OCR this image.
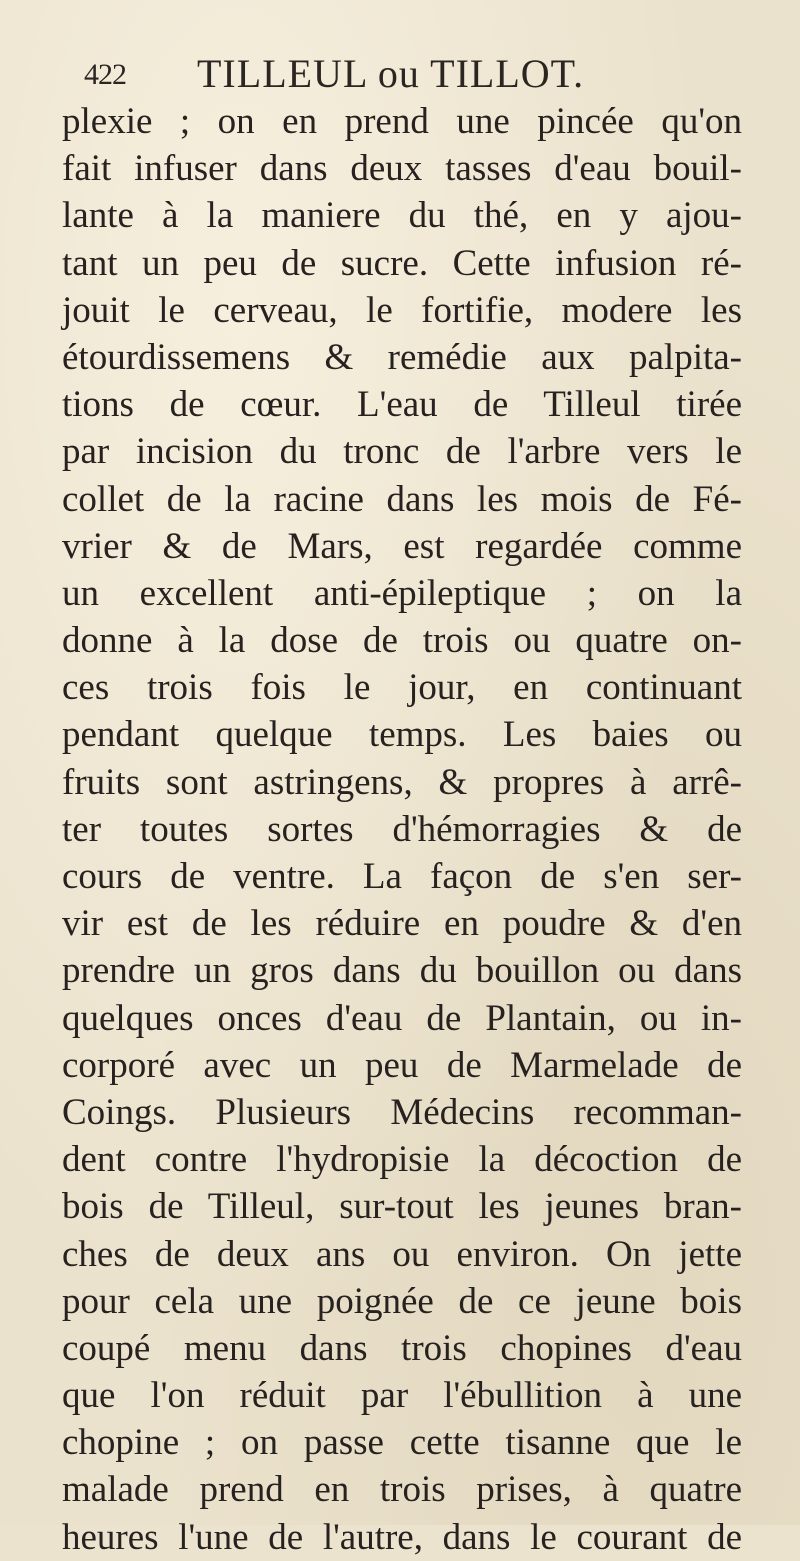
422 TILLEUL ou TILLOT.
plexie ; on en prend une pincée qu'on
fait infuser dans deux tasses d'eau bouil-
lante à la maniere du thé, en y ajou-
tant un peu de sucre. Cette infusion ré-
jouit le cerveau, le fortifie, modere les
étourdissemens & remédie aux palpita-
tions de cœur. L'eau de Tilleul tirée
par incision du tronc de l'arbre vers le
collet de la racine dans les mois de Fé-
vrier & de Mars, est regardée comme
un excellent anti-épileptique ; on la
donne à la dose de trois ou quatre on-
ces trois fois le jour, en continuant
pendant quelque temps. Les baies ou
fruits sont astringens, & propres à arrê-
ter toutes sortes d'hémorragies & de
cours de ventre. La façon de s'en ser-
vir est de les réduire en poudre & d'en
prendre un gros dans du bouillon ou dans
quelques onces d'eau de Plantain, ou in-
corporé avec un peu de Marmelade de
Coings. Plusieurs Médecins recomman-
dent contre l'hydropisie la décoction de
bois de Tilleul, sur-tout les jeunes bran-
ches de deux ans ou environ. On jette
pour cela une poignée de ce jeune bois
coupé menu dans trois chopines d'eau
que l'on réduit par l'ébullition à une
chopine ; on passe cette tisanne que le
malade prend en trois prises, à quatre
heures l'une de l'autre, dans le courant de
